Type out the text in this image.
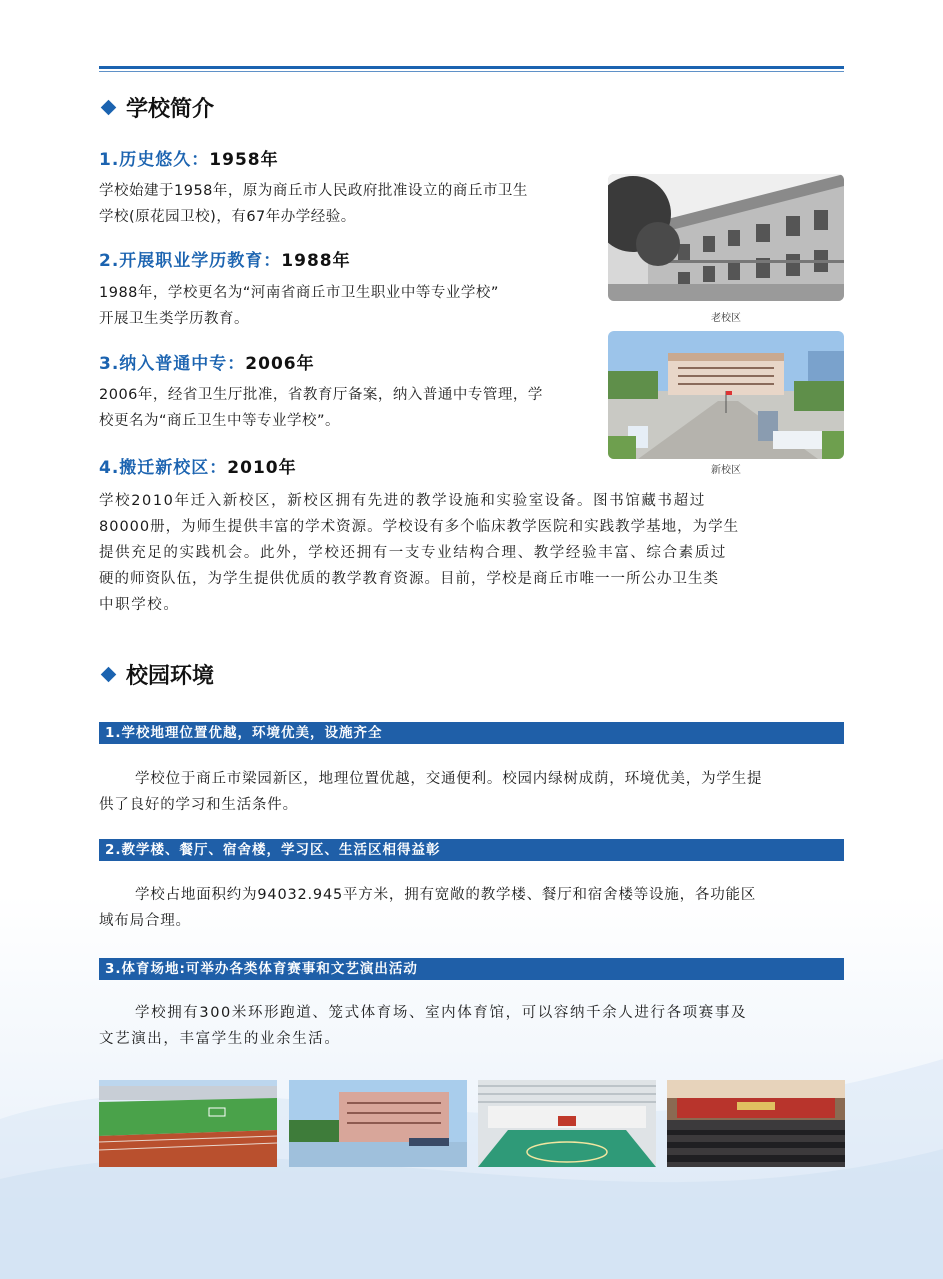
学校简介
1.历史悠久：1958年
学校始建于1958年，原为商丘市人民政府批准设立的商丘市卫生
学校(原花园卫校)，有67年办学经验。
2.开展职业学历教育：1988年
1988年，学校更名为“河南省商丘市卫生职业中等专业学校”
开展卫生类学历教育。
3.纳入普通中专：2006年
2006年，经省卫生厅批准，省教育厅备案，纳入普通中专管理，学
校更名为“商丘卫生中等专业学校”。
4.搬迁新校区：2010年
学校2010年迁入新校区，新校区拥有先进的教学设施和实验室设备。图书馆藏书超过
80000册，为师生提供丰富的学术资源。学校设有多个临床教学医院和实践教学基地，为学生
提供充足的实践机会。此外，学校还拥有一支专业结构合理、教学经验丰富、综合素质过
硬的师资队伍，为学生提供优质的教学教育资源。目前，学校是商丘市唯一一所公办卫生类
中职学校。
老校区
新校区
校园环境
1.学校地理位置优越，环境优美，设施齐全
学校位于商丘市梁园新区，地理位置优越，交通便利。校园内绿树成荫，环境优美，为学生提
供了良好的学习和生活条件。
2.教学楼、餐厅、宿舍楼，学习区、生活区相得益彰
学校占地面积约为94032.945平方米，拥有宽敞的教学楼、餐厅和宿舍楼等设施，各功能区
域布局合理。
3.体育场地:可举办各类体育赛事和文艺演出活动
学校拥有300米环形跑道、笼式体育场、室内体育馆，可以容纳千余人进行各项赛事及
文艺演出，丰富学生的业余生活。
